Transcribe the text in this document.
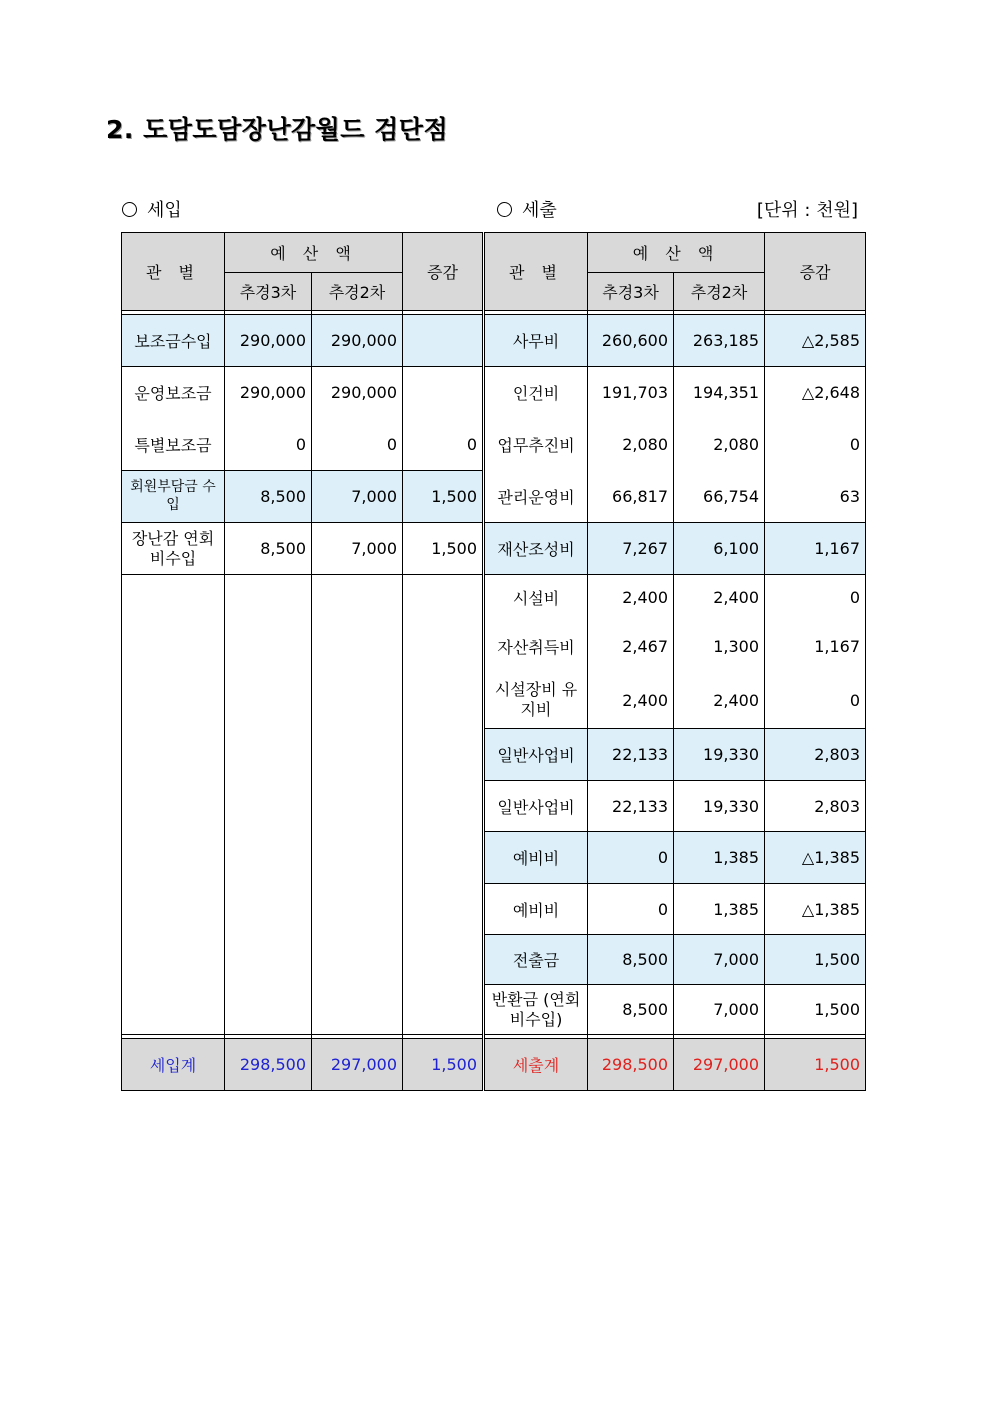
2. 도담도담장난감월드 검단점
세입	세출	[단위 : 천원]
관 별	예 산 액		증감	관 별	예 산 액		증감
	추경3차	추경2차			추경3차	추경2차	

보조금수입	290,000	290,000		사무비	260,600	263,185	△2,585
운영보조금	290,000	290,000		인건비	191,703	194,351	△2,648
특별보조금	0	0	0	업무추진비	2,080	2,080	0
회원부담금 수입	8,500	7,000	1,500	관리운영비	66,817	66,754	63
장난감 연회비수입	8,500	7,000	1,500	재산조성비	7,267	6,100	1,167
				시설비	2,400	2,400	0
				자산취득비	2,467	1,300	1,167
				시설장비 유지비	2,400	2,400	0
				일반사업비	22,133	19,330	2,803
				일반사업비	22,133	19,330	2,803
				예비비	0	1,385	△1,385
				예비비	0	1,385	△1,385
				전출금	8,500	7,000	1,500
				반환금 (연회비수입)	8,500	7,000	1,500

세입계	298,500	297,000	1,500	세출계	298,500	297,000	1,500
